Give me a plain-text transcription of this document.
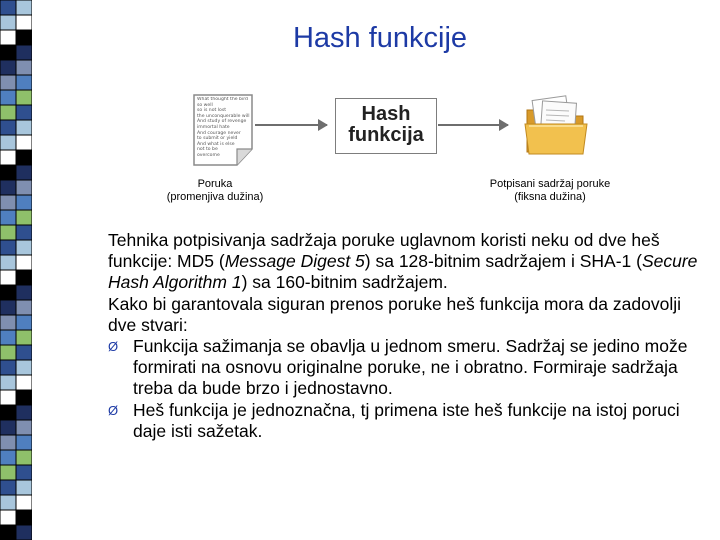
Hash funkcije
What thought the bird
so well
so is not lost
the unconquerable will
And study of revenge
immortal hate
And courage never
to submit or yield
And what is else
not to be
overcome
Hash
funkcija
Poruka
(promenjiva dužina)
Potpisani sadržaj poruke
(fiksna dužina)

Tehnika potpisivanja sadržaja poruke uglavnom koristi neku od dve heš funkcije: MD5 (Message Digest 5) sa 128-bitnim sadržajem i SHA-1 (Secure Hash Algorithm 1) sa 160-bitnim sadržajem.

Kako bi garantovala siguran prenos poruke heš funkcija mora da zadovolji dve stvari:

Ø Funkcija sažimanja se obavlja u jednom smeru. Sadržaj se jedino može formirati na osnovu originalne poruke, ne i obratno. Formiraje sadržaja treba da bude brzo i jednostavno.

Ø Heš funkcija je jednoznačna, tj primena iste heš funkcije na istoj poruci daje isti sažetak.
